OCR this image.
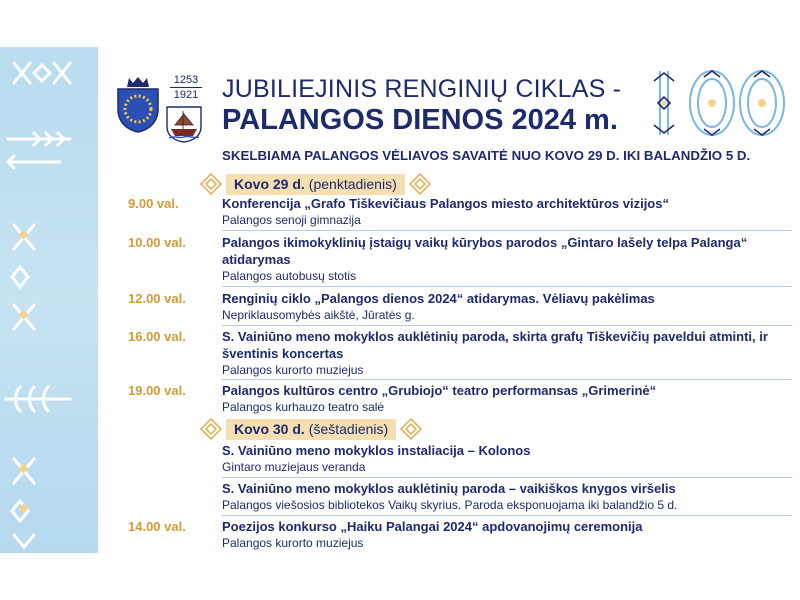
1253
1921 JUBILIEJINIS RENGINIŲ CIKLAS -
PALANGOS DIENOS 2024 m.
SKELBIAMA PALANGOS VĖLIAVOS SAVAITĖ NUO KOVO 29 D. IKI BALANDŽIO 5 D.
Kovo 29 d. (penktadienis)
9.00 val.	Konferencija „Grafo Tiškevičiaus Palangos miesto architektūros vizijos“
Palangos senoji gimnazija
10.00 val.	Palangos ikimokyklinių įstaigų vaikų kūrybos parodos „Gintaro lašely telpa Palanga“ atidarymas
Palangos autobusų stotis
12.00 val.	Renginių ciklo „Palangos dienos 2024“ atidarymas. Vėliavų pakėlimas
Nepriklausomybės aikštė, Jūratės g.
16.00 val.	S. Vainiūno meno mokyklos auklėtinių paroda, skirta grafų Tiškevičių paveldui atminti, ir šventinis koncertas
Palangos kurorto muziejus
19.00 val.	Palangos kultūros centro „Grubiojo“ teatro performansas „Grimerinė“
Palangos kurhauzo teatro salė
Kovo 30 d. (šeštadienis)
S. Vainiūno meno mokyklos instaliacija – Kolonos
Gintaro muziejaus veranda
S. Vainiūno meno mokyklos auklėtinių paroda – vaikiškos knygos viršelis
Palangos viešosios bibliotekos Vaikų skyrius. Paroda eksponuojama iki balandžio 5 d.
14.00 val.	Poezijos konkurso „Haiku Palangai 2024“ apdovanojimų ceremonija
Palangos kurorto muziejus
